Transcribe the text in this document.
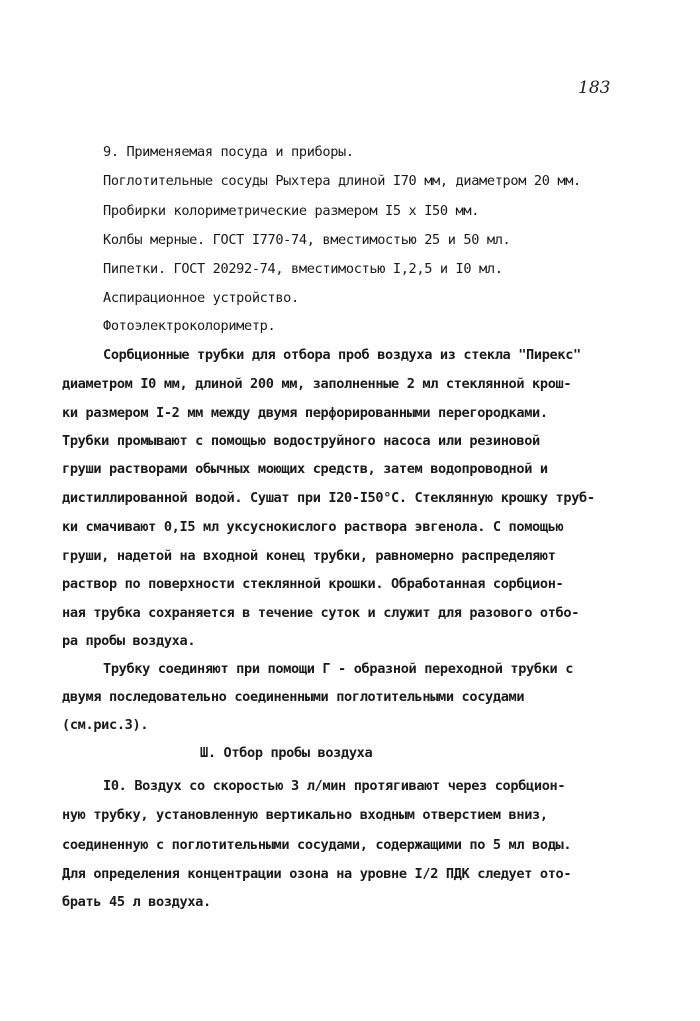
183
9. Применяемая посуда и приборы.
Поглотительные сосуды Рыхтера длиной I70 мм, диаметром 20 мм.
Пробирки колориметрические размером I5 х I50 мм.
Колбы мерные. ГОСТ I770-74, вместимостью 25 и 50 мл.
Пипетки. ГОСТ 20292-74, вместимостью I,2,5 и I0 мл.
Аспирационное устройство.
Фотоэлектроколориметр.
Сорбционные трубки для отбора проб воздуха из стекла "Пирекс"
диаметром I0 мм, длиной 200 мм, заполненные 2 мл стеклянной крош-
ки размером I-2 мм между двумя перфорированными перегородками.
Трубки промывают с помощью водоструйного насоса или резиновой
груши растворами обычных моющих средств, затем водопроводной и
дистиллированной водой. Сушат при I20-I50°С. Стеклянную крошку труб-
ки смачивают 0,I5 мл уксуснокислого раствора эвгенола. С помощью
груши, надетой на входной конец трубки, равномерно распределяют
раствор по поверхности стеклянной крошки. Обработанная сорбцион-
ная трубка сохраняется в течение суток и служит для разового отбо-
ра пробы воздуха.
Трубку соединяют при помощи Г - образной переходной трубки с
двумя последовательно соединенными поглотительными сосудами
(см.рис.3).
Ш. Отбор пробы воздуха
I0. Воздух со скоростью 3 л/мин протягивают через сорбцион-
ную трубку, установленную вертикально входным отверстием вниз,
соединенную с поглотительными сосудами, содержащими по 5 мл воды.
Для определения концентрации озона на уровне I/2 ПДК следует ото-
брать 45 л воздуха.
